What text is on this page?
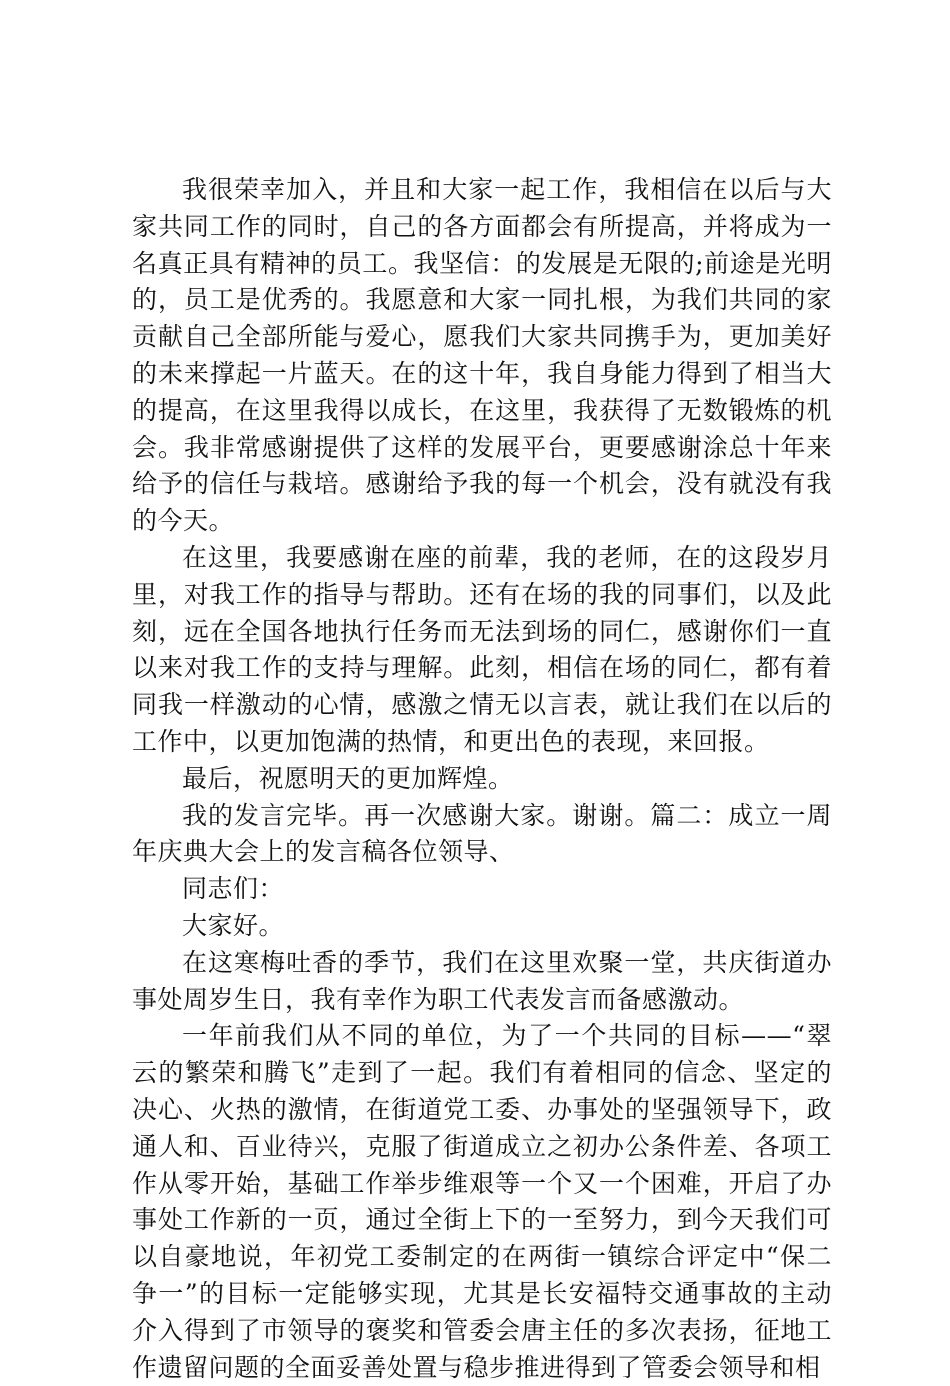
我很荣幸加入，并且和大家一起工作，我相信在以后与大家共同工作的同时，自己的各方面都会有所提高，并将成为一名真正具有精神的员工。我坚信：的发展是无限的;前途是光明的，员工是优秀的。我愿意和大家一同扎根，为我们共同的家贡献自己全部所能与爱心，愿我们大家共同携手为，更加美好的未来撑起一片蓝天。在的这十年，我自身能力得到了相当大的提高，在这里我得以成长，在这里，我获得了无数锻炼的机会。我非常感谢提供了这样的发展平台，更要感谢涂总十年来给予的信任与栽培。感谢给予我的每一个机会，没有就没有我的今天。

在这里，我要感谢在座的前辈，我的老师，在的这段岁月里，对我工作的指导与帮助。还有在场的我的同事们，以及此刻，远在全国各地执行任务而无法到场的同仁，感谢你们一直以来对我工作的支持与理解。此刻，相信在场的同仁，都有着同我一样激动的心情，感激之情无以言表，就让我们在以后的工作中，以更加饱满的热情，和更出色的表现，来回报。

最后，祝愿明天的更加辉煌。

我的发言完毕。再一次感谢大家。谢谢。篇二：成立一周年庆典大会上的发言稿各位领导、

同志们：

大家好。

在这寒梅吐香的季节，我们在这里欢聚一堂，共庆街道办事处周岁生日，我有幸作为职工代表发言而备感激动。

一年前我们从不同的单位，为了一个共同的目标——“翠云的繁荣和腾飞”走到了一起。我们有着相同的信念、坚定的决心、火热的激情，在街道党工委、办事处的坚强领导下，政通人和、百业待兴，克服了街道成立之初办公条件差、各项工作从零开始，基础工作举步维艰等一个又一个困难，开启了办事处工作新的一页，通过全街上下的一至努力，到今天我们可以自豪地说，年初党工委制定的在两街一镇综合评定中“保二争一”的目标一定能够实现，尤其是长安福特交通事故的主动介入得到了市领导的褒奖和管委会唐主任的多次表扬，征地工作遗留问题的全面妥善处置与稳步推进得到了管委会领导和相
